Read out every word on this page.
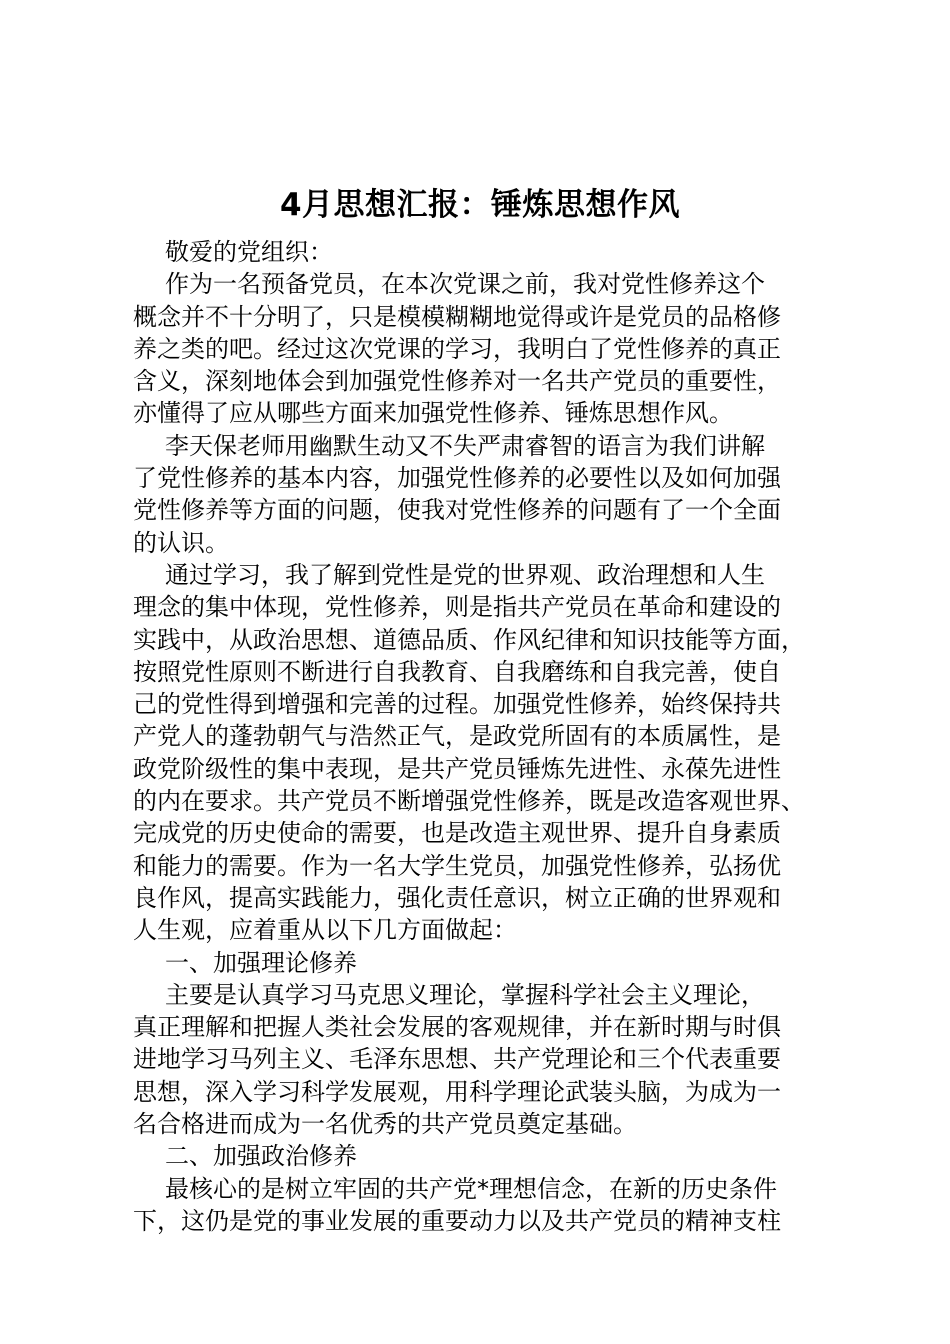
4月思想汇报：锤炼思想作风
敬爱的党组织：
作为一名预备党员，在本次党课之前，我对党性修养这个
概念并不十分明了，只是模模糊糊地觉得或许是党员的品格修
养之类的吧。经过这次党课的学习，我明白了党性修养的真正
含义，深刻地体会到加强党性修养对一名共产党员的重要性，
亦懂得了应从哪些方面来加强党性修养、锤炼思想作风。
李天保老师用幽默生动又不失严肃睿智的语言为我们讲解
了党性修养的基本内容，加强党性修养的必要性以及如何加强
党性修养等方面的问题，使我对党性修养的问题有了一个全面
的认识。
通过学习，我了解到党性是党的世界观、政治理想和人生
理念的集中体现，党性修养，则是指共产党员在革命和建设的
实践中，从政治思想、道德品质、作风纪律和知识技能等方面，
按照党性原则不断进行自我教育、自我磨练和自我完善，使自
己的党性得到增强和完善的过程。加强党性修养，始终保持共
产党人的蓬勃朝气与浩然正气，是政党所固有的本质属性，是
政党阶级性的集中表现，是共产党员锤炼先进性、永葆先进性
的内在要求。共产党员不断增强党性修养，既是改造客观世界、
完成党的历史使命的需要，也是改造主观世界、提升自身素质
和能力的需要。作为一名大学生党员，加强党性修养，弘扬优
良作风，提高实践能力，强化责任意识，树立正确的世界观和
人生观，应着重从以下几方面做起：
一、加强理论修养
主要是认真学习马克思义理论，掌握科学社会主义理论，
真正理解和把握人类社会发展的客观规律，并在新时期与时俱
进地学习马列主义、毛泽东思想、共产党理论和三个代表重要
思想，深入学习科学发展观，用科学理论武装头脑，为成为一
名合格进而成为一名优秀的共产党员奠定基础。
二、加强政治修养
最核心的是树立牢固的共产党*理想信念，在新的历史条件
下，这仍是党的事业发展的重要动力以及共产党员的精神支柱
